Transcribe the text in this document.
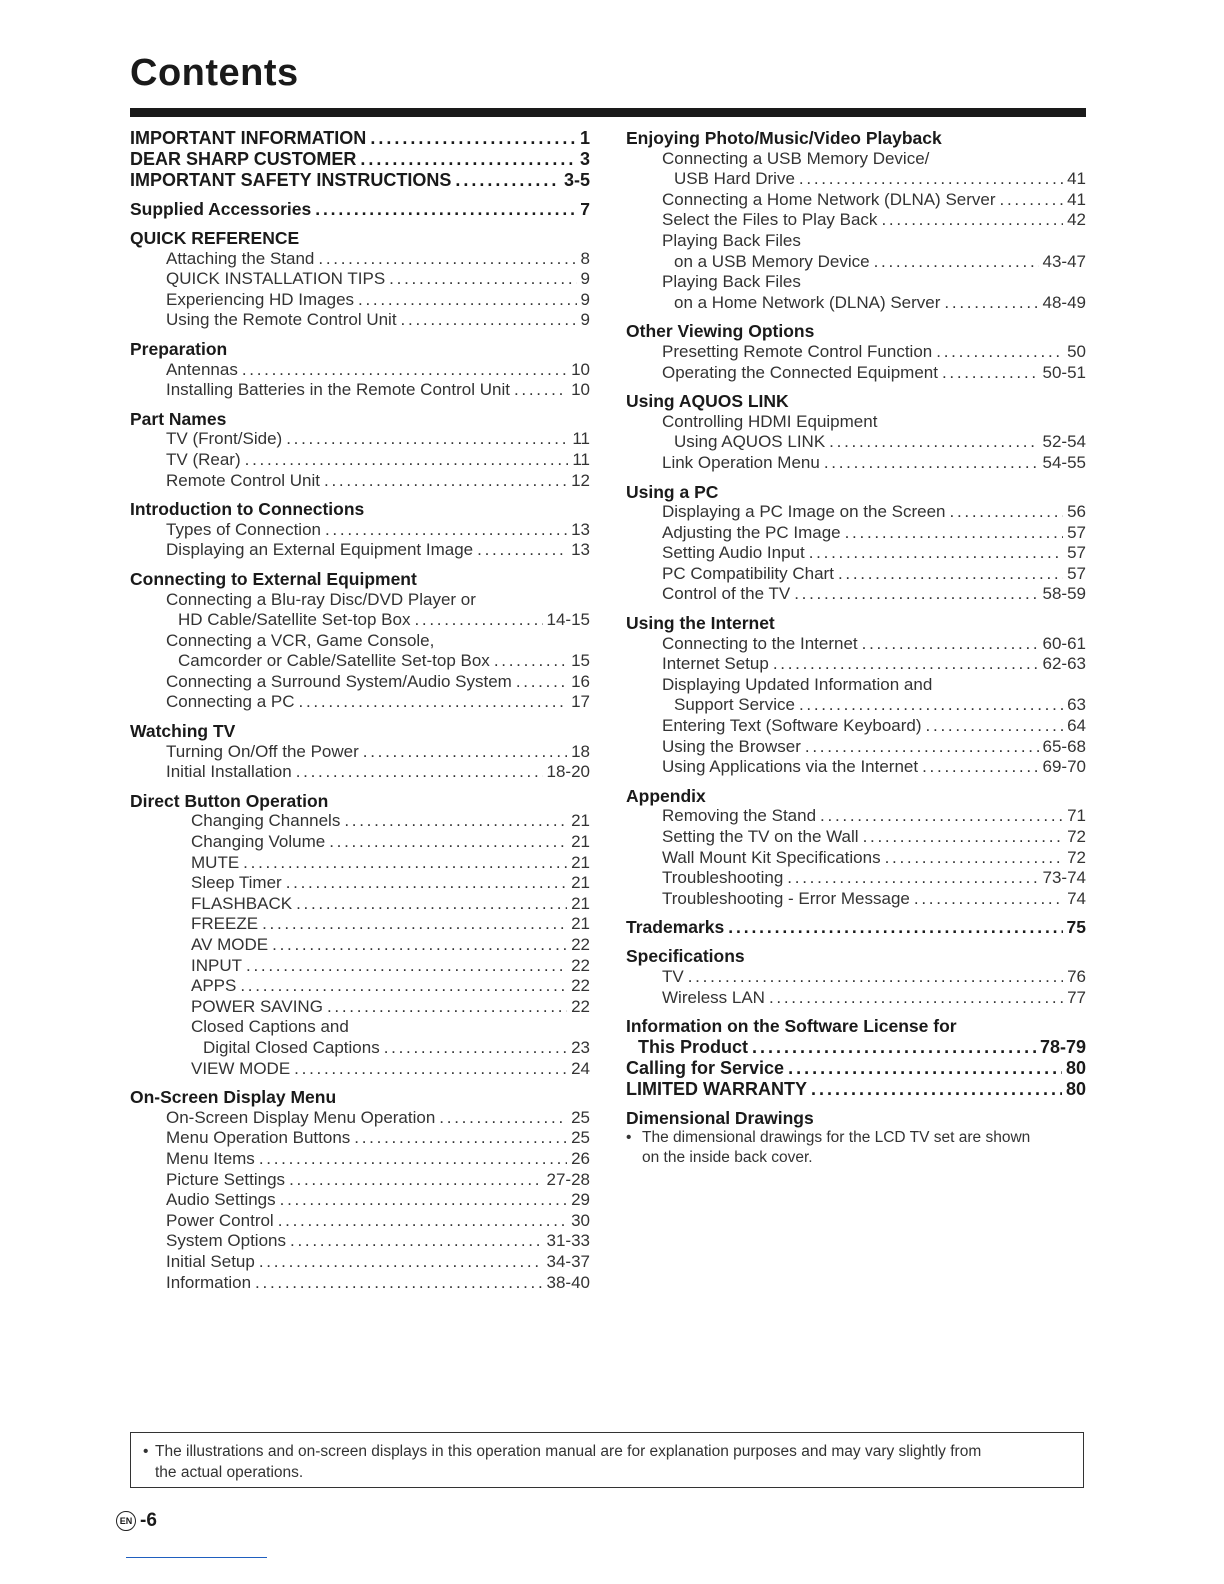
Contents
IMPORTANT INFORMATION . . .	1
DEAR SHARP CUSTOMER . . .	3
IMPORTANT SAFETY INSTRUCTIONS . . .	3-5
Supplied Accessories . . .	7
QUICK REFERENCE
Attaching the Stand . . .	8
QUICK INSTALLATION TIPS . . .	9
Experiencing HD Images . . .	9
Using the Remote Control Unit . . .	9
Preparation
Antennas . . .	10
Installing Batteries in the Remote Control Unit . . .	10
Part Names
TV (Front/Side) . . .	11
TV (Rear) . . .	11
Remote Control Unit . . .	12
Introduction to Connections
Types of Connection . . .	13
Displaying an External Equipment Image . . .	13
Connecting to External Equipment
Connecting a Blu-ray Disc/DVD Player or
HD Cable/Satellite Set-top Box . . .	14-15
Connecting a VCR, Game Console,
Camcorder or Cable/Satellite Set-top Box . . .	15
Connecting a Surround System/Audio System . . .	16
Connecting a PC . . .	17
Watching TV
Turning On/Off the Power . . .	18
Initial Installation . . .	18-20
Direct Button Operation
Changing Channels . . .	21
Changing Volume . . .	21
MUTE . . .	21
Sleep Timer . . .	21
FLASHBACK . . .	21
FREEZE . . .	21
AV MODE . . .	22
INPUT . . .	22
APPS . . .	22
POWER SAVING . . .	22
Closed Captions and
Digital Closed Captions . . .	23
VIEW MODE . . .	24
On-Screen Display Menu
On-Screen Display Menu Operation . . .	25
Menu Operation Buttons . . .	25
Menu Items . . .	26
Picture Settings . . .	27-28
Audio Settings . . .	29
Power Control . . .	30
System Options . . .	31-33
Initial Setup . . .	34-37
Information . . .	38-40
Enjoying Photo/Music/Video Playback
Connecting a USB Memory Device/
USB Hard Drive . . .	41
Connecting a Home Network (DLNA) Server . . .	41
Select the Files to Play Back . . .	42
Playing Back Files
on a USB Memory Device . . .	43-47
Playing Back Files
on a Home Network (DLNA) Server . . .	48-49
Other Viewing Options
Presetting Remote Control Function . . .	50
Operating the Connected Equipment . . .	50-51
Using AQUOS LINK
Controlling HDMI Equipment
Using AQUOS LINK . . .	52-54
Link Operation Menu . . .	54-55
Using a PC
Displaying a PC Image on the Screen . . .	56
Adjusting the PC Image . . .	57
Setting Audio Input . . .	57
PC Compatibility Chart . . .	57
Control of the TV . . .	58-59
Using the Internet
Connecting to the Internet . . .	60-61
Internet Setup . . .	62-63
Displaying Updated Information and
Support Service . . .	63
Entering Text (Software Keyboard) . . .	64
Using the Browser . . .	65-68
Using Applications via the Internet . . .	69-70
Appendix
Removing the Stand . . .	71
Setting the TV on the Wall . . .	72
Wall Mount Kit Specifications . . .	72
Troubleshooting . . .	73-74
Troubleshooting - Error Message . . .	74
Trademarks . . .	75
Specifications
TV . . .	76
Wireless LAN . . .	77
Information on the Software License for
This Product . . .	78-79
Calling for Service . . .	80
LIMITED WARRANTY . . .	80
Dimensional Drawings
• The dimensional drawings for the LCD TV set are shown
on the inside back cover.
• The illustrations and on-screen displays in this operation manual are for explanation purposes and may vary slightly from
the actual operations.
EN - 6
